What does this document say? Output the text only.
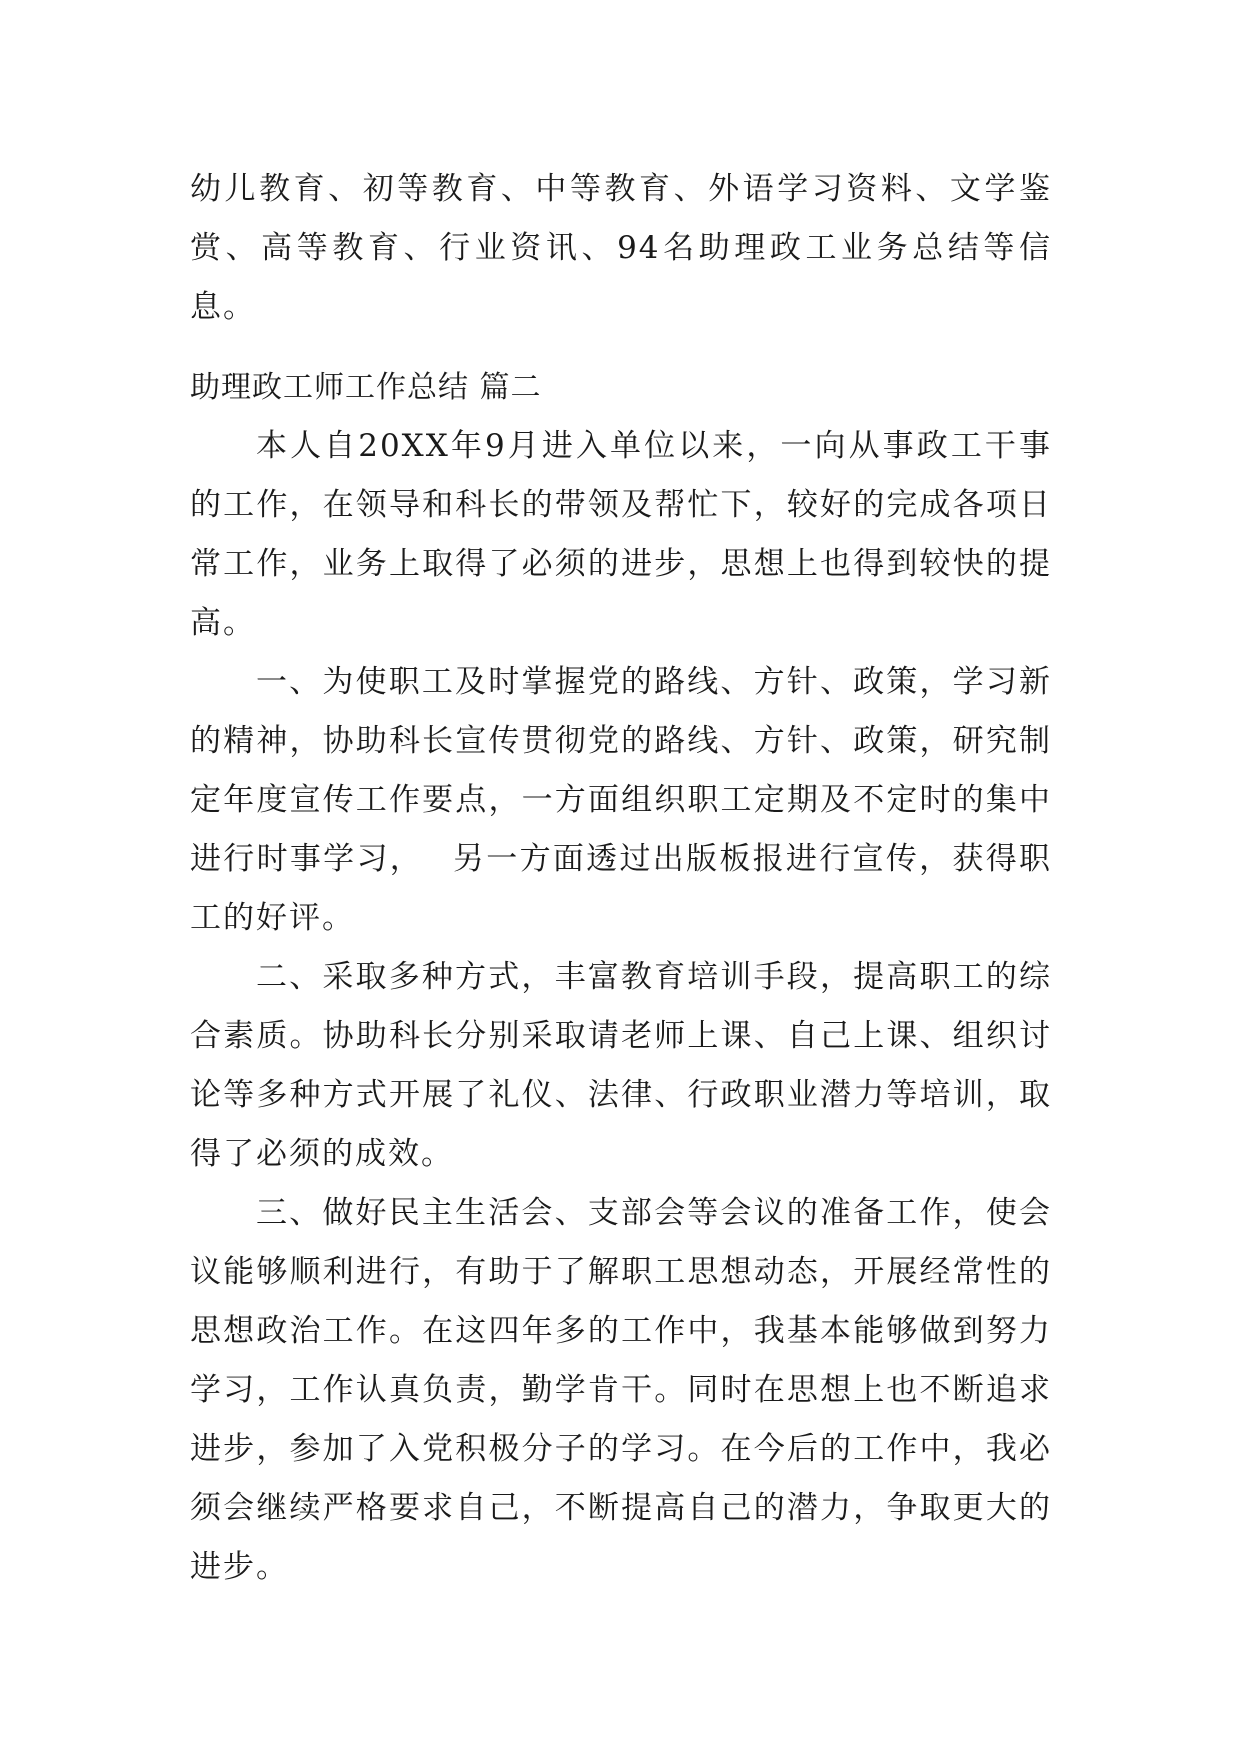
幼儿教育、初等教育、中等教育、外语学习资料、文学鉴赏、高等教育、行业资讯、94名助理政工业务总结等信息。

助理政工师工作总结 篇二

本人自20XX年9月进入单位以来，一向从事政工干事的工作，在领导和科长的带领及帮忙下，较好的完成各项日常工作，业务上取得了必须的进步，思想上也得到较快的提高。

一、为使职工及时掌握党的路线、方针、政策，学习新的精神，协助科长宣传贯彻党的路线、方针、政策，研究制定年度宣传工作要点，一方面组织职工定期及不定时的集中进行时事学习，　 另一方面透过出版板报进行宣传，获得职工的好评。

二、采取多种方式，丰富教育培训手段，提高职工的综合素质。协助科长分别采取请老师上课、自己上课、组织讨论等多种方式开展了礼仪、法律、行政职业潜力等培训，取得了必须的成效。

三、做好民主生活会、支部会等会议的准备工作，使会议能够顺利进行，有助于了解职工思想动态，开展经常性的思想政治工作。在这四年多的工作中，我基本能够做到努力学习，工作认真负责，勤学肯干。同时在思想上也不断追求进步，参加了入党积极分子的学习。在今后的工作中，我必须会继续严格要求自己，不断提高自己的潜力，争取更大的进步。
